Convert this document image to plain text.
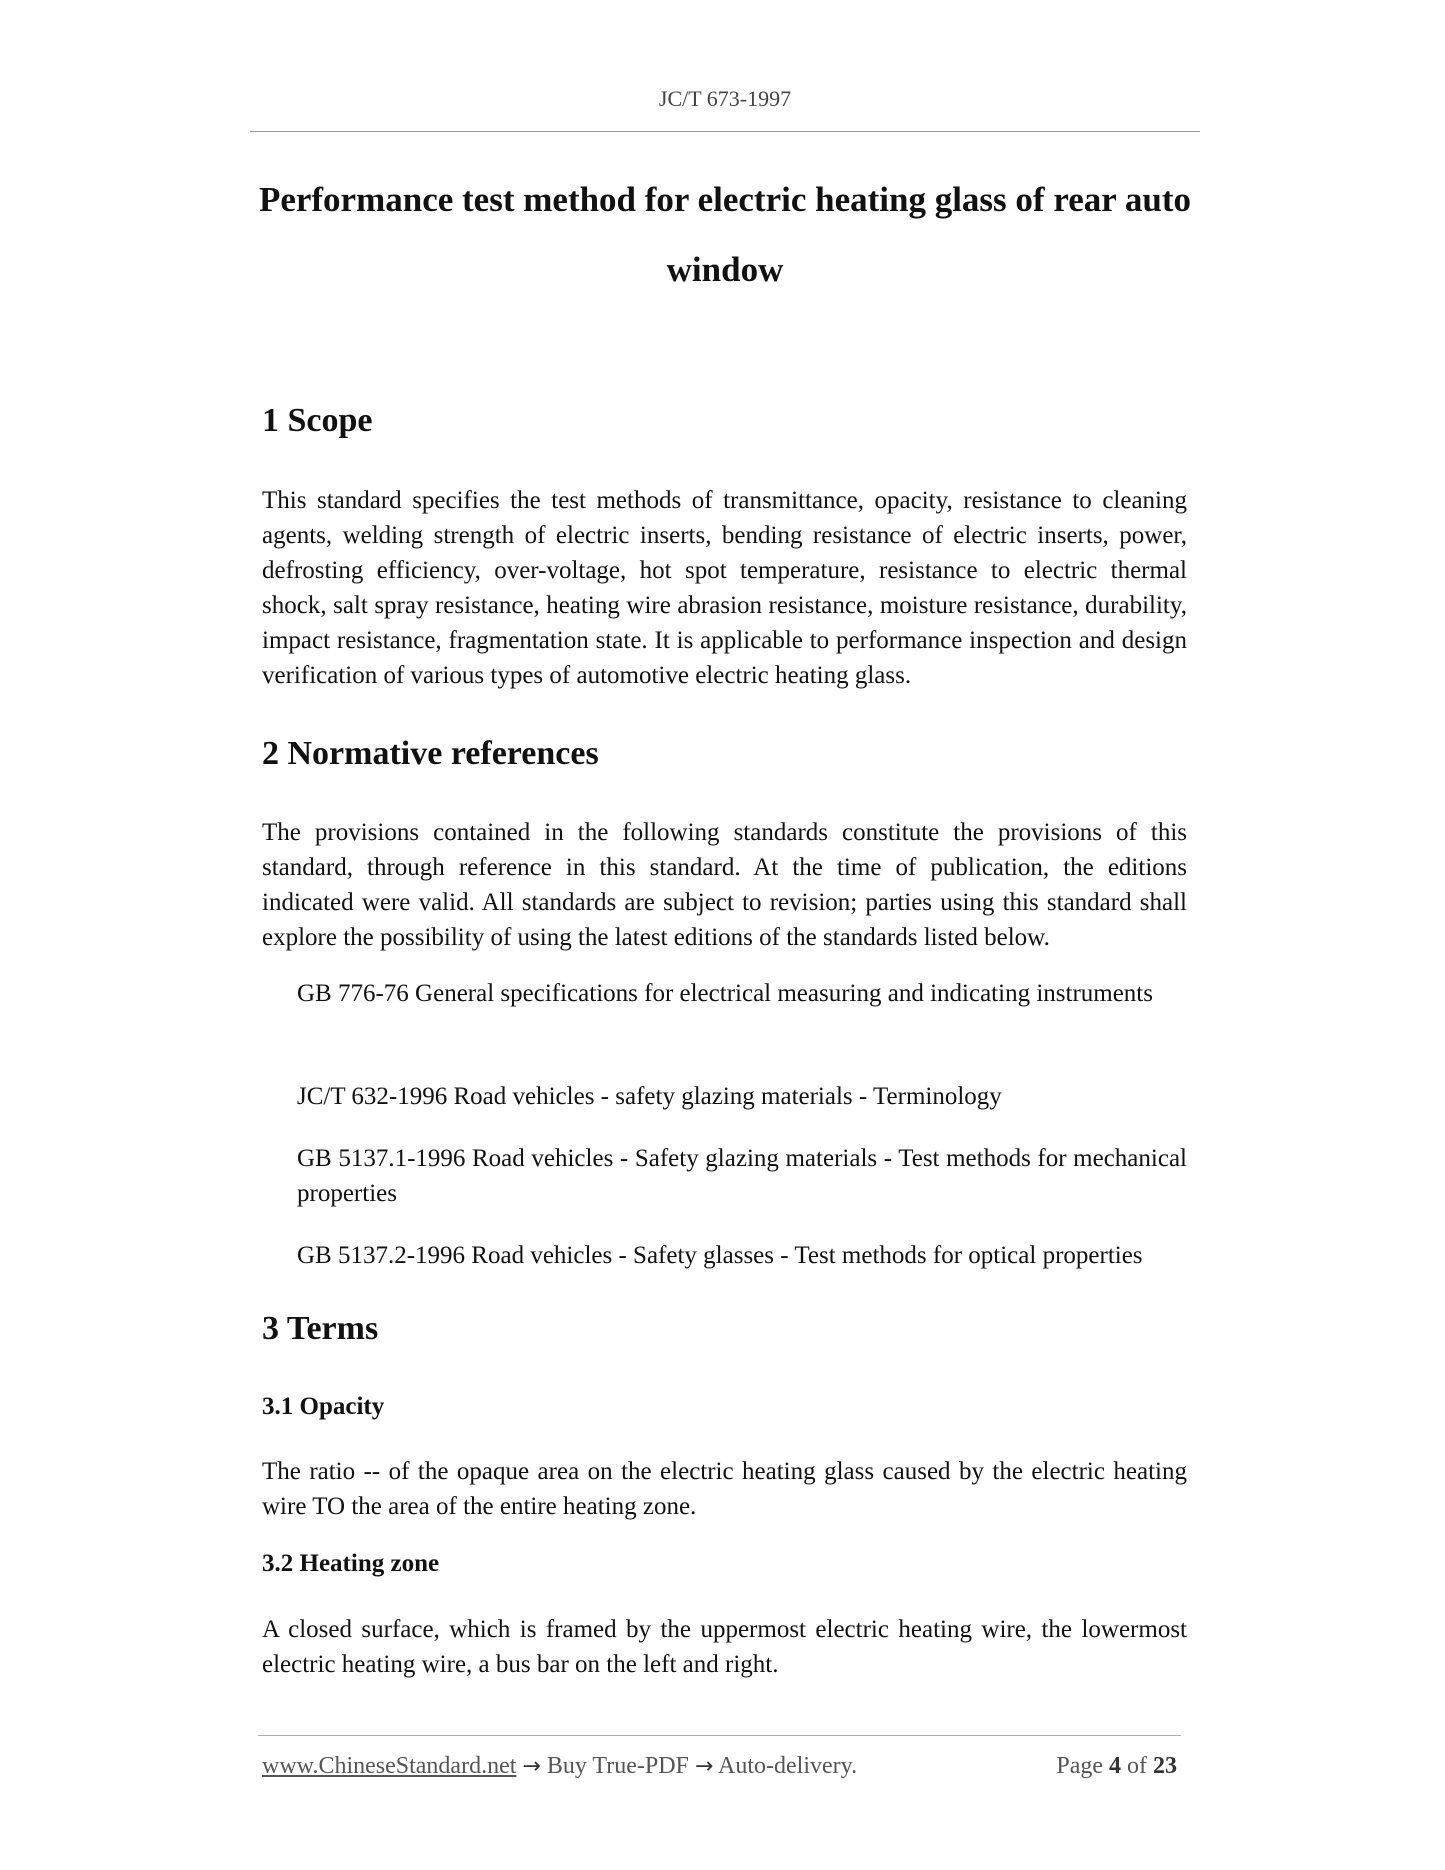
JC/T 673-1997
Performance test method for electric heating glass of rear auto window
1 Scope

This standard specifies the test methods of transmittance, opacity, resistance to cleaning agents, welding strength of electric inserts, bending resistance of electric inserts, power, defrosting efficiency, over-voltage, hot spot temperature, resistance to electric thermal shock, salt spray resistance, heating wire abrasion resistance, moisture resistance, durability, impact resistance, fragmentation state. It is applicable to performance inspection and design verification of various types of automotive electric heating glass.

2 Normative references

The provisions contained in the following standards constitute the provisions of this standard, through reference in this standard. At the time of publication, the editions indicated were valid. All standards are subject to revision; parties using this standard shall explore the possibility of using the latest editions of the standards listed below.

GB 776-76 General specifications for electrical measuring and indicating instruments

JC/T 632-1996 Road vehicles - safety glazing materials - Terminology

GB 5137.1-1996 Road vehicles - Safety glazing materials - Test methods for mechanical properties

GB 5137.2-1996 Road vehicles - Safety glasses - Test methods for optical properties

3 Terms
3.1 Opacity

The ratio -- of the opaque area on the electric heating glass caused by the electric heating wire TO the area of the entire heating zone.

3.2 Heating zone

A closed surface, which is framed by the uppermost electric heating wire, the lowermost electric heating wire, a bus bar on the left and right.

www.ChineseStandard.net → Buy True-PDF → Auto-delivery.	Page 4 of 23
